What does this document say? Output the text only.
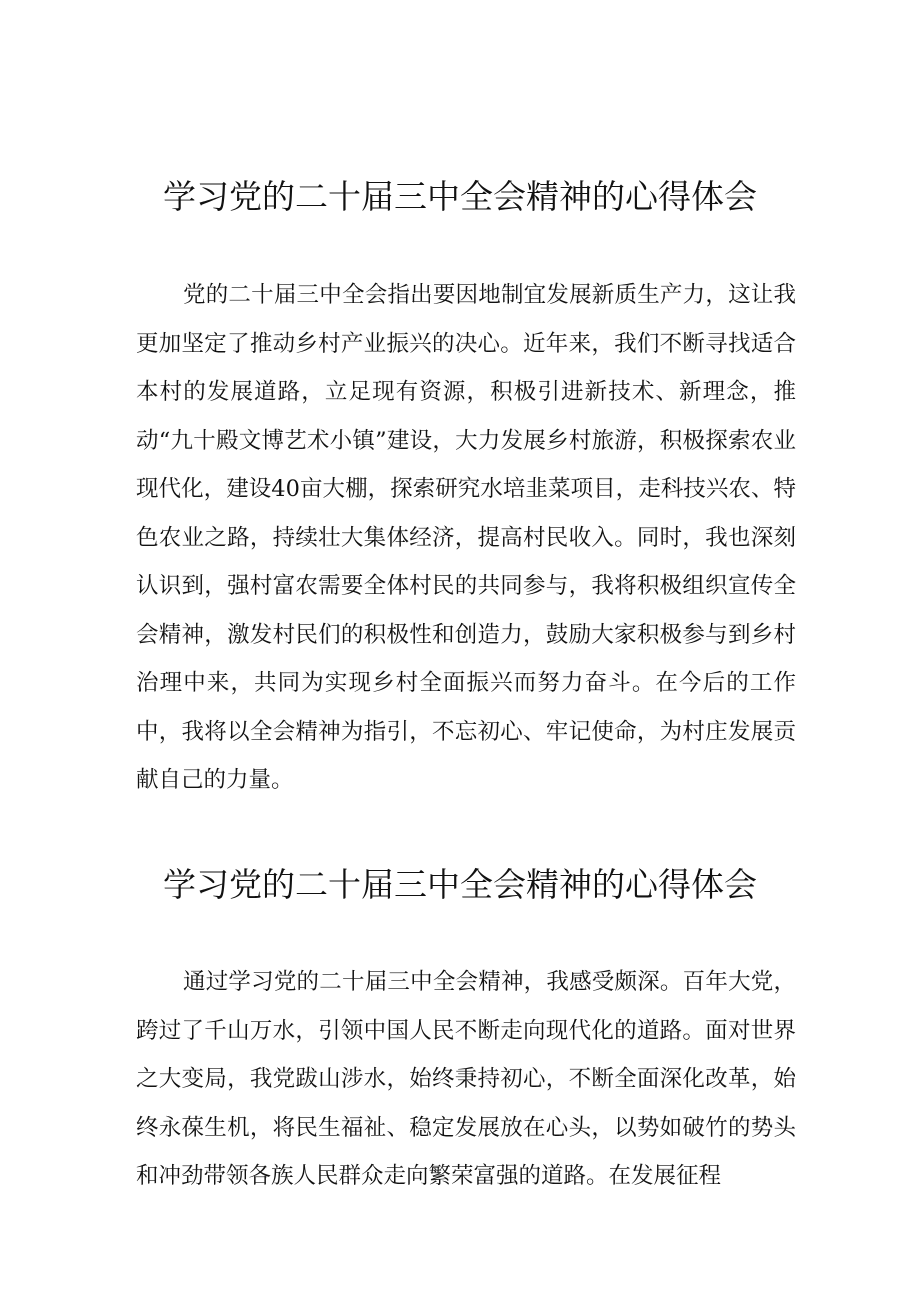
学习党的二十届三中全会精神的心得体会

党的二十届三中全会指出要因地制宜发展新质生产力，这让我更加坚定了推动乡村产业振兴的决心。近年来，我们不断寻找适合本村的发展道路，立足现有资源，积极引进新技术、新理念，推动“九十殿文博艺术小镇”建设，大力发展乡村旅游，积极探索农业现代化，建设40亩大棚，探索研究水培韭菜项目，走科技兴农、特色农业之路，持续壮大集体经济，提高村民收入。同时，我也深刻认识到，强村富农需要全体村民的共同参与，我将积极组织宣传全会精神，激发村民们的积极性和创造力，鼓励大家积极参与到乡村治理中来，共同为实现乡村全面振兴而努力奋斗。在今后的工作中，我将以全会精神为指引，不忘初心、牢记使命，为村庄发展贡献自己的力量。

学习党的二十届三中全会精神的心得体会

通过学习党的二十届三中全会精神，我感受颇深。百年大党，跨过了千山万水，引领中国人民不断走向现代化的道路。面对世界之大变局，我党跋山涉水，始终秉持初心，不断全面深化改革，始终永葆生机，将民生福祉、稳定发展放在心头，以势如破竹的势头和冲劲带领各族人民群众走向繁荣富强的道路。在发展征程
